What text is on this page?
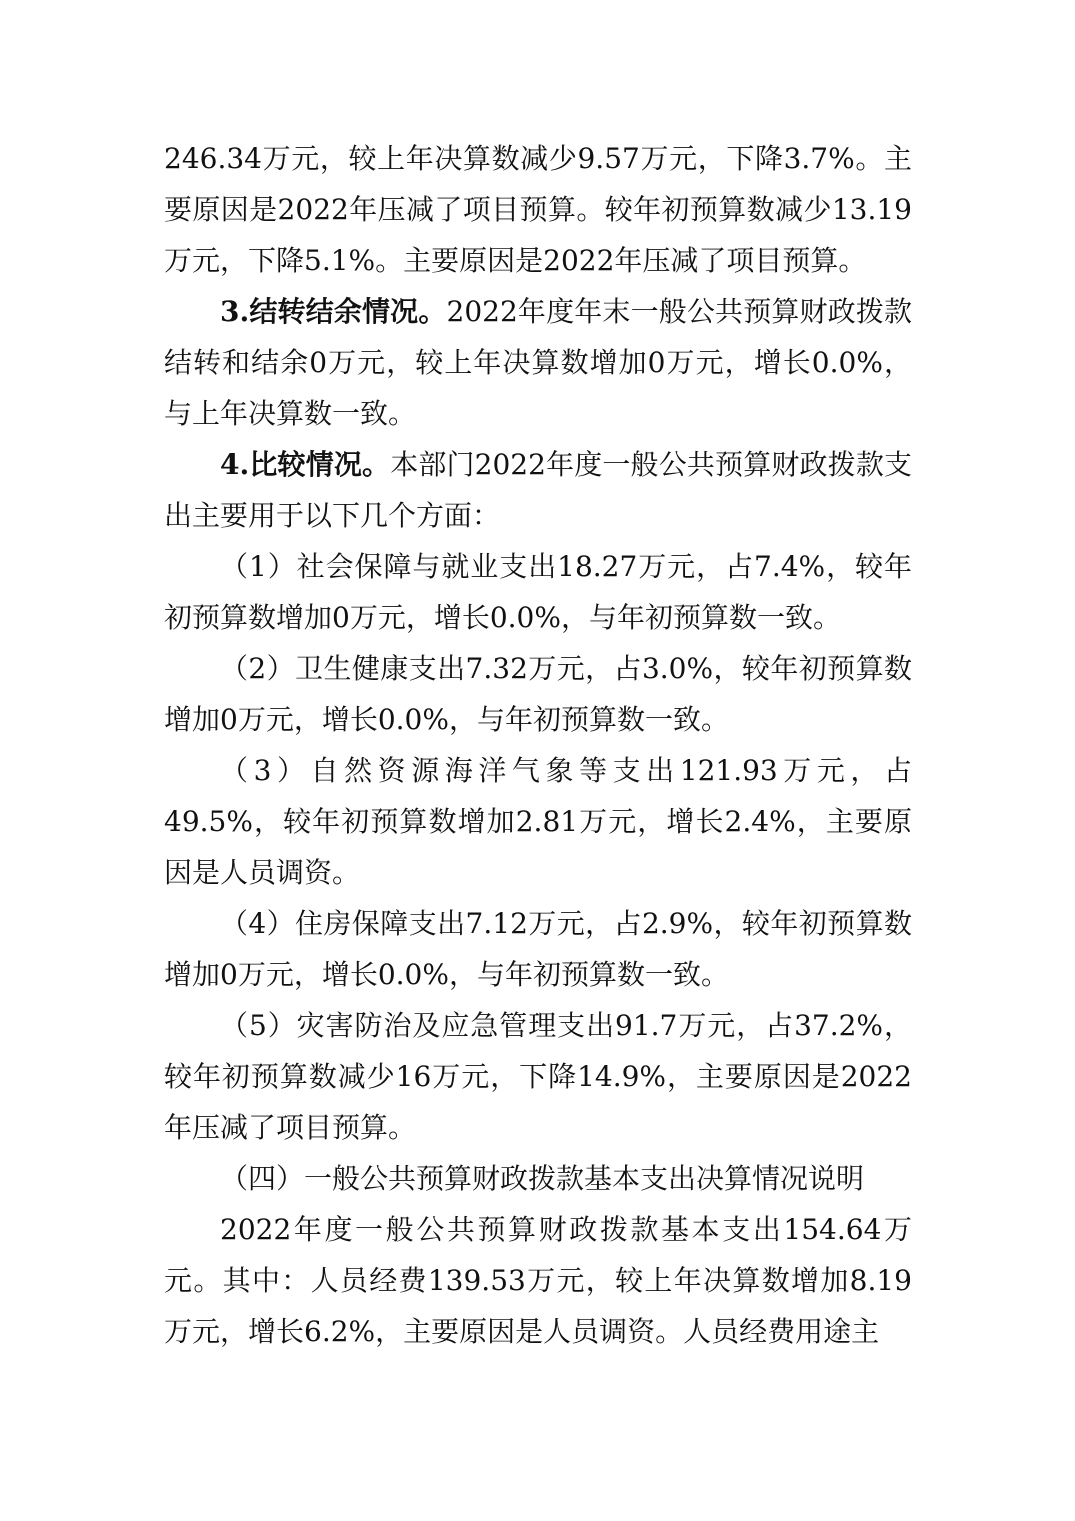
246.34万元，较上年决算数减少9.57万元，下降3.7%。主要原因是2022年压减了项目预算。较年初预算数减少13.19万元，下降5.1%。主要原因是2022年压减了项目预算。

3.结转结余情况。2022年度年末一般公共预算财政拨款结转和结余0万元，较上年决算数增加0万元，增长0.0%，与上年决算数一致。

4.比较情况。本部门2022年度一般公共预算财政拨款支出主要用于以下几个方面：

（1）社会保障与就业支出18.27万元，占7.4%，较年初预算数增加0万元，增长0.0%，与年初预算数一致。

（2）卫生健康支出7.32万元，占3.0%，较年初预算数增加0万元，增长0.0%，与年初预算数一致。

（3）自然资源海洋气象等支出121.93万元，占49.5%，较年初预算数增加2.81万元，增长2.4%，主要原因是人员调资。

（4）住房保障支出7.12万元，占2.9%，较年初预算数增加0万元，增长0.0%，与年初预算数一致。

（5）灾害防治及应急管理支出91.7万元，占37.2%，较年初预算数减少16万元，下降14.9%，主要原因是2022年压减了项目预算。

（四）一般公共预算财政拨款基本支出决算情况说明

2022年度一般公共预算财政拨款基本支出154.64万元。其中：人员经费139.53万元，较上年决算数增加8.19万元，增长6.2%，主要原因是人员调资。人员经费用途主
